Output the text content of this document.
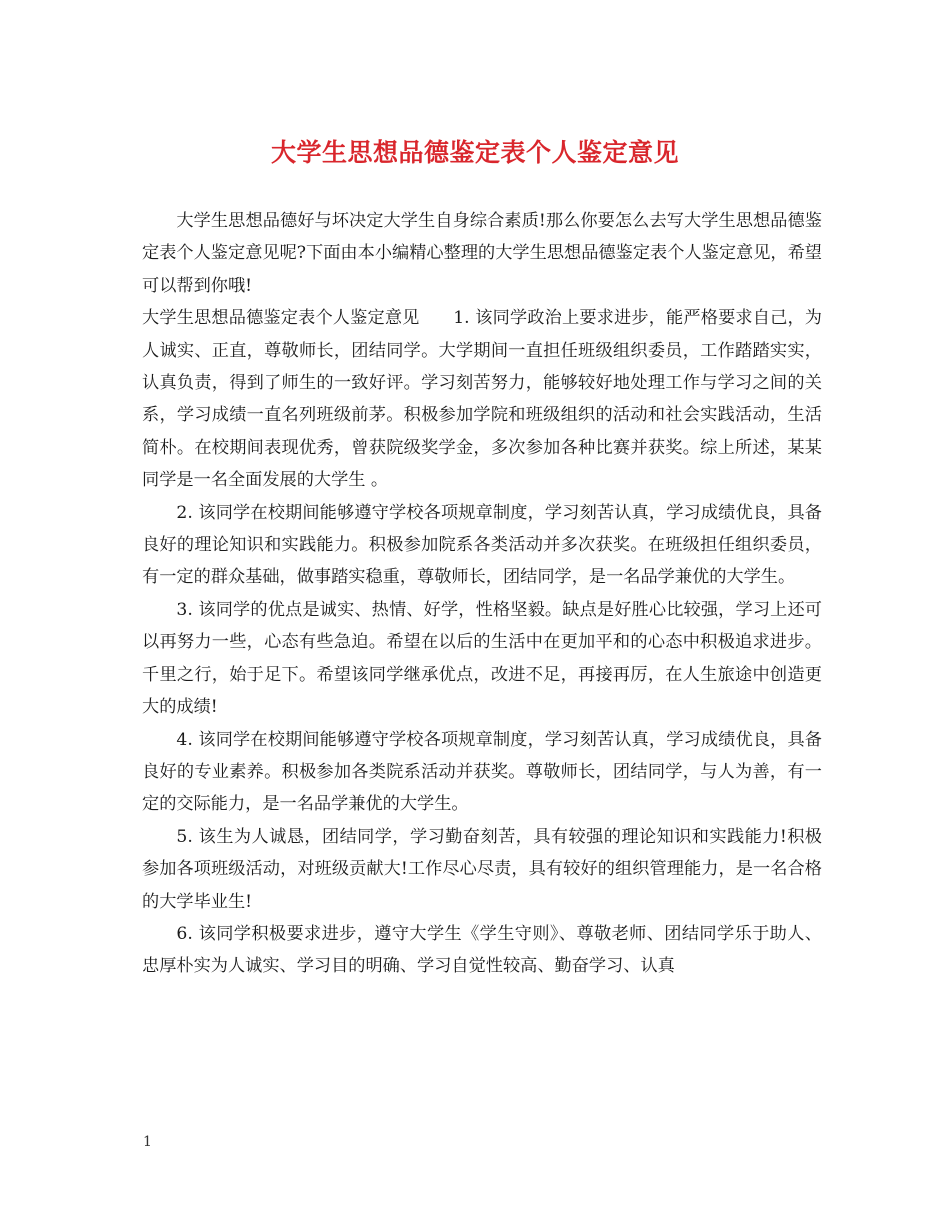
大学生思想品德鉴定表个人鉴定意见

大学生思想品德好与坏决定大学生自身综合素质!那么你要怎么去写大学生思想品德鉴定表个人鉴定意见呢?下面由本小编精心整理的大学生思想品德鉴定表个人鉴定意见，希望可以帮到你哦!

大学生思想品德鉴定表个人鉴定意见 1. 该同学政治上要求进步，能严格要求自己，为人诚实、正直，尊敬师长，团结同学。大学期间一直担任班级组织委员，工作踏踏实实，认真负责，得到了师生的一致好评。学习刻苦努力，能够较好地处理工作与学习之间的关系，学习成绩一直名列班级前茅。积极参加学院和班级组织的活动和社会实践活动，生活简朴。在校期间表现优秀，曾获院级奖学金，多次参加各种比赛并获奖。综上所述，某某同学是一名全面发展的大学生 。

2. 该同学在校期间能够遵守学校各项规章制度，学习刻苦认真，学习成绩优良，具备良好的理论知识和实践能力。积极参加院系各类活动并多次获奖。在班级担任组织委员，有一定的群众基础，做事踏实稳重，尊敬师长，团结同学，是一名品学兼优的大学生。

3. 该同学的优点是诚实、热情、好学，性格坚毅。缺点是好胜心比较强，学习上还可以再努力一些，心态有些急迫。希望在以后的生活中在更加平和的心态中积极追求进步。千里之行，始于足下。希望该同学继承优点，改进不足，再接再厉，在人生旅途中创造更大的成绩!

4. 该同学在校期间能够遵守学校各项规章制度，学习刻苦认真，学习成绩优良，具备良好的专业素养。积极参加各类院系活动并获奖。尊敬师长，团结同学，与人为善，有一定的交际能力，是一名品学兼优的大学生。

5. 该生为人诚恳，团结同学，学习勤奋刻苦，具有较强的理论知识和实践能力!积极参加各项班级活动，对班级贡献大!工作尽心尽责，具有较好的组织管理能力，是一名合格的大学毕业生!

6. 该同学积极要求进步，遵守大学生《学生守则》、尊敬老师、团结同学乐于助人、忠厚朴实为人诚实、学习目的明确、学习自觉性较高、勤奋学习、认真

1
